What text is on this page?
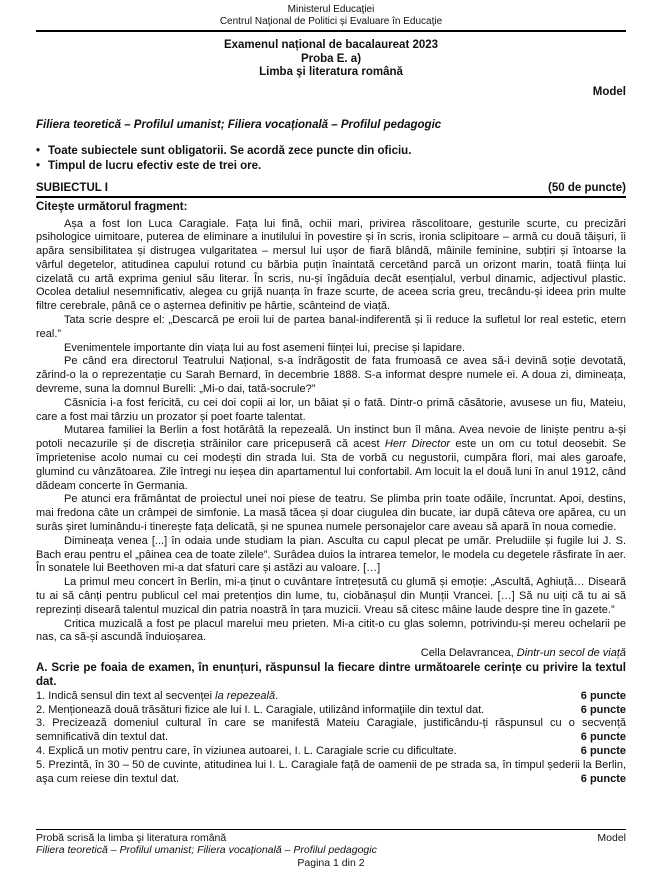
Ministerul Educaţiei
Centrul Naţional de Politici și Evaluare în Educaţie
Examenul național de bacalaureat 2023
Proba E. a)
Limba şi literatura română
Model
Filiera teoretică – Profilul umanist; Filiera vocațională – Profilul pedagogic
• Toate subiectele sunt obligatorii. Se acordă zece puncte din oficiu.
• Timpul de lucru efectiv este de trei ore.
SUBIECTUL I	(50 de puncte)
Citeşte următorul fragment:

Așa a fost Ion Luca Caragiale. Fața lui fină, ochii mari, privirea răscolitoare, gesturile scurte, cu precizări psihologice uimitoare, puterea de eliminare a inutilului în povestire și în scris, ironia sclipitoare – armă cu două tăișuri, îi apăra sensibilitatea și distrugea vulgaritatea – mersul lui ușor de fiară blândă, mâinile feminine, subțiri și întoarse la vârful degetelor, atitudinea capului rotund cu bărbia puțin înaintată cercetând parcă un orizont marin, toată ființa lui cizelată cu artă exprima geniul său literar. În scris, nu-și îngăduia decât esențialul, verbul dinamic, adjectivul plastic. Ocolea detaliul nesemnificativ, alegea cu grijă nuanța în fraze scurte, de aceea scria greu, trecându-și ideea prin multe filtre cerebrale, până ce o așternea definitiv pe hârtie, scânteind de viață.

Tata scrie despre el: „Descarcă pe eroii lui de partea banal-indiferentă și îi reduce la sufletul lor real estetic, etern real.”

Evenimentele importante din viața lui au fost asemeni ființei lui, precise și lapidare.

Pe când era directorul Teatrului Național, s-a îndrăgostit de fata frumoasă ce avea să-i devină soție devotată, zărind-o la o reprezentație cu Sarah Bernard, în decembrie 1888. S-a informat despre numele ei. A doua zi, dimineața, devreme, suna la domnul Burelli: „Mi-o dai, tată-socrule?”

Căsnicia i-a fost fericită, cu cei doi copii ai lor, un băiat și o fată. Dintr-o primă căsătorie, avusese un fiu, Mateiu, care a fost mai târziu un prozator și poet foarte talentat.

Mutarea familiei la Berlin a fost hotărâtă la repezeală. Un instinct bun îl mâna. Avea nevoie de liniște pentru a-și potoli necazurile și de discreția străinilor care pricepuseră că acest Herr Director este un om cu totul deosebit. Se împrietenise acolo numai cu cei modești din strada lui. Sta de vorbă cu negustorii, cumpăra flori, mai ales garoafe, glumind cu vânzătoarea. Zile întregi nu ieșea din apartamentul lui confortabil. Am locuit la el două luni în anul 1912, când dădeam concerte în Germania.

Pe atunci era frământat de proiectul unei noi piese de teatru. Se plimba prin toate odăile, încruntat. Apoi, destins, mai fredona câte un crâmpei de simfonie. La masă tăcea și doar ciugulea din bucate, iar după câteva ore apărea, cu un surâs șiret luminându-i tinerește fața delicată, și ne spunea numele personajelor care aveau să apară în noua comedie.

Dimineața venea [...] în odaia unde studiam la pian. Asculta cu capul plecat pe umăr. Preludiile și fugile lui J. S. Bach erau pentru el „pâinea cea de toate zilele”. Surâdea duios la intrarea temelor, le modela cu degetele răsfirate în aer. În sonatele lui Beethoven mi-a dat sfaturi care și astăzi au valoare. […]

La primul meu concert în Berlin, mi-a ținut o cuvântare întrețesută cu glumă și emoție: „Ascultă, Aghiuță… Diseară tu ai să cânți pentru publicul cel mai pretențios din lume, tu, ciobănașul din Munții Vrancei. […] Să nu uiți că tu ai să reprezinți diseară talentul muzical din patria noastră în țara muzicii. Vreau să citesc mâine laude despre tine în gazete.”

Critica muzicală a fost pe placul marelui meu prieten. Mi-a citit-o cu glas solemn, potrivindu-și mereu ochelarii pe nas, ca să-și ascundă înduioșarea.

Cella Delavrancea, Dintr-un secol de viață
A. Scrie pe foaia de examen, în enunțuri, răspunsul la fiecare dintre următoarele cerințe cu privire la textul dat.
1. Indică sensul din text al secvenței la repezeală.	6 puncte
2. Menționează două trăsături fizice ale lui I. L. Caragiale, utilizând informaţiile din textul dat.	6 puncte
3. Precizează domeniul cultural în care se manifestă Mateiu Caragiale, justificându-ți răspunsul cu o secvență semnificativă din textul dat.	6 puncte
4. Explică un motiv pentru care, în viziunea autoarei, I. L. Caragiale scrie cu dificultate.	6 puncte
5. Prezintă, în 30 – 50 de cuvinte, atitudinea lui I. L. Caragiale față de oamenii de pe strada sa, în timpul șederii la Berlin, aşa cum reiese din textul dat.	6 puncte
Probă scrisă la limba şi literatura română	Model
Filiera teoretică – Profilul umanist; Filiera vocațională – Profilul pedagogic
Pagina 1 din 2
